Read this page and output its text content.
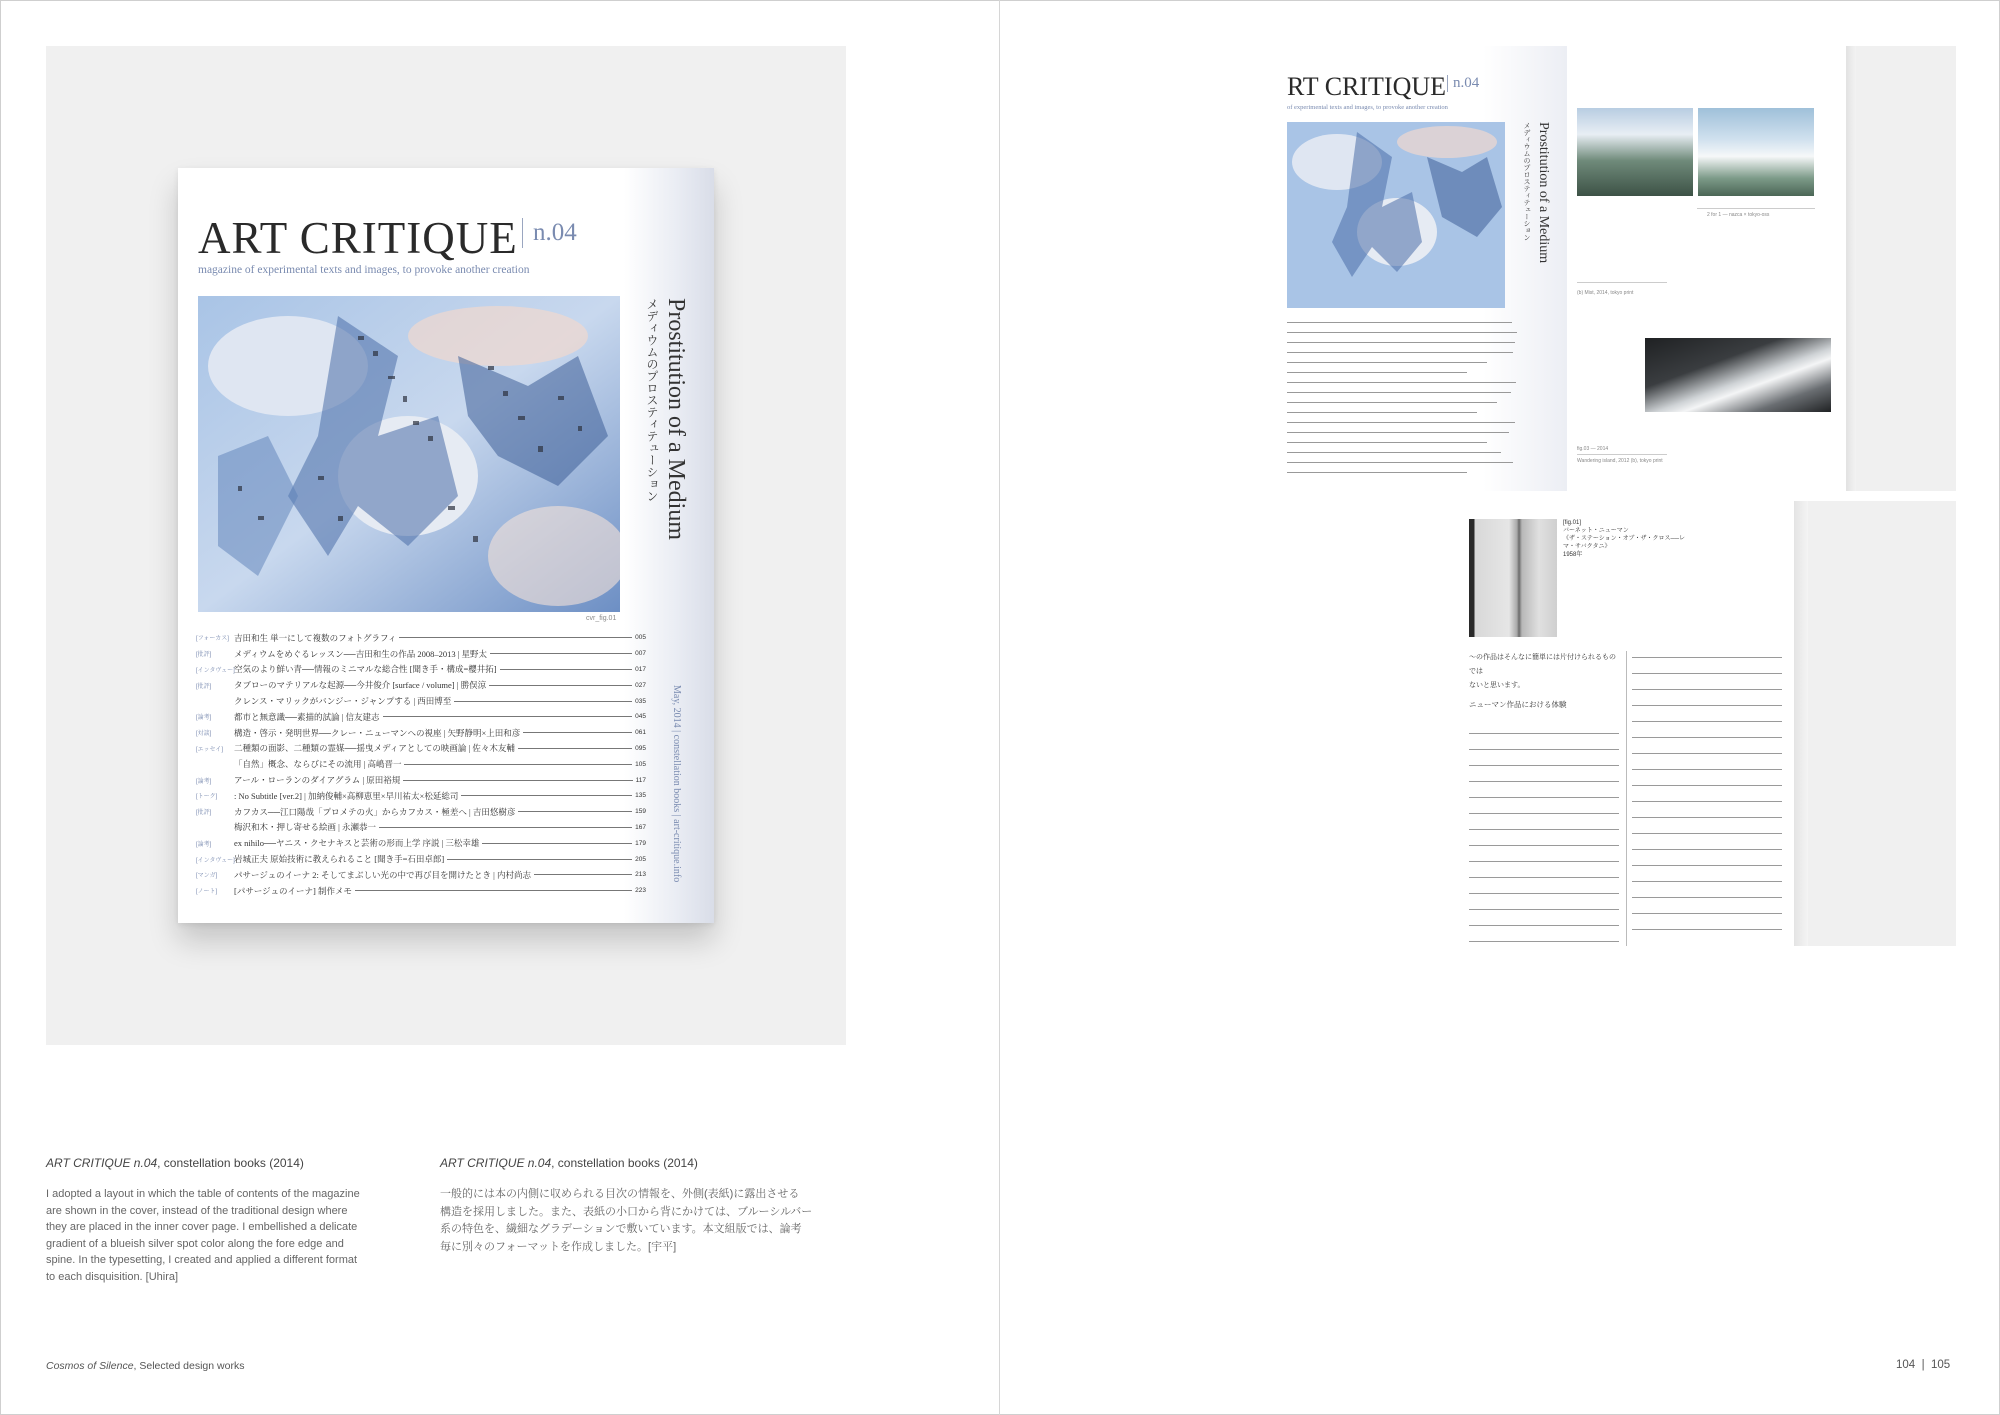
ART CRITIQUE n.04
magazine of experimental texts and images, to provoke another creation
cvr_fig.01
Prostitution of a Medium
メディウムのプロスティテューション
May, 2014 | constellation books | art-critique.info
[フォーカス] 吉田和生 単一にして複数のフォトグラフィ	005
[批評]	メディウムをめぐるレッスン──吉田和生の作品 2008–2013 | 星野太	007
[インタヴュー] 空気のより鮮い青──情報のミニマルな総合性 [聞き手・構成=櫻井拓]	017
[批評]	タブローのマテリアルな起源──今井俊介 [surface / volume] | 勝俣涼	027
クレンス・マリックがバンジー・ジャンプする | 西田博至	035
[論考]	都市と無意識──素描的試論 | 信友建志	045
[対談]	構造・啓示・発明世界──クレー・ニューマンへの視座 | 矢野静明×上田和彦	061
[エッセイ]	二種類の面影、二種類の霊媒──揺曳メディアとしての映画論 | 佐々木友輔	095
「自然」概念、ならびにその流用 | 高嶋晋一	105
[論考]	アール・ローランのダイアグラム | 原田裕規	117
[トーク]	: No Subtitle [ver.2] | 加納俊輔×高柳恵里×早川祐太×松延総司	135
[批評]	カフカス──江口陽哉「プロメテの火」からカフカス・極差へ | 吉田悠樹彦	159
梅沢和木・押し寄せる絵画 | 永瀬恭一	167
[論考]	ex nihilo──ヤニス・クセナキスと芸術の形而上学 序説 | 三松幸雄	179
[インタヴュー] 岩城正夫 原始技術に教えられること [聞き手=石田卓郎]	205
[マンガ]	パサージュのイーナ 2: そしてまぶしい光の中で再び目を開けたとき | 内村尚志	213
[ノート]	[パサージュのイーナ] 制作メモ	223
ART CRITIQUE n.04, constellation books (2014)
I adopted a layout in which the table of contents of the magazine
are shown in the cover, instead of the traditional design where
they are placed in the inner cover page. I embellished a delicate
gradient of a blueish silver spot color along the fore edge and
spine. In the typesetting, I created and applied a different format
to each disquisition. [Uhira]
ART CRITIQUE n.04, constellation books (2014)
一般的には本の内側に収められる目次の情報を、外側(表紙)に露出させる
構造を採用しました。また、表紙の小口から背にかけては、ブルーシルバー
系の特色を、繊細なグラデーションで敷いています。本文組版では、論考
毎に別々のフォーマットを作成しました。[宇平]
Cosmos of Silence, Selected design works
RT CRITIQUE n.04
of experimental texts and images, to provoke another creation
Prostitution of a Medium
メディウムのプロスティテューション	2 for 1 — nazca × tokyo-oss
(b) Mist, 2014, tokyo print
Wandering island, 2012 (b), tokyo print
fig.03 — 2014
[fig.01]
バーネット・ニューマン
《ザ・ステーション・オブ・ザ・クロス──レマ・サバクタニ》
1958年
〜の作品はそんなに簡単には片付けられるものでは
ないと思います。
ニューマン作品における体験
104  |  105
